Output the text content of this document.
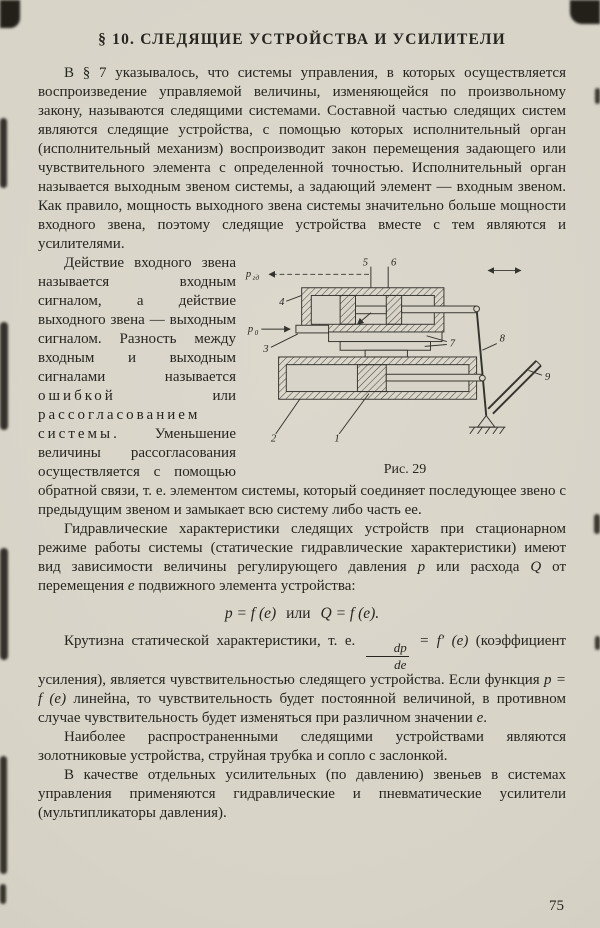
§ 10. СЛЕДЯЩИЕ УСТРОЙСТВА И УСИЛИТЕЛИ

В § 7 указывалось, что системы управления, в которых осуществляется воспроизведение управляемой величины, изменяющейся по произвольному закону, называются следящими системами. Составной частью следящих систем являются следящие устройства, с помощью которых исполнительный орган (исполнительный механизм) воспроизводит закон перемещения задающего или чувствительного элемента с определенной точностью. Исполнительный орган называется выходным звеном системы, а задающий элемент — входным звеном. Как правило, мощность выходного звена системы значительно больше мощности входного звена, поэтому следящие устройства вместе с тем являются и усилителями.

p гд
5 6
4
p 0
3
7
2	1
8
9
Рис. 29

Действие входного звена называется входным сигналом, а действие выходного звена — выходным сигналом. Разность между входным и выходным сигналами называется ошибкой или рассогласованием системы. Уменьшение величины рассогласования осуществляется с помощью обратной связи, т. е. элементом системы, который соединяет последующее звено с предыдущим звеном и замыкает всю систему либо часть ее.

Гидравлические характеристики следящих устройств при стационарном режиме работы системы (статические гидравлические характеристики) имеют вид зависимости величины регулирующего давления p или расхода Q от перемещения e подвижного элемента устройства:

p = f (e) или Q = f (e).

Крутизна статической характеристики, т. е. $\frac{dp}{de} = f'$ (e) (коэффициент усиления), является чувствительностью следящего устройства. Если функция p = f (e) линейна, то чувствительность будет постоянной величиной, в противном случае чувствительность будет изменяться при различном значении e.

Наиболее распространенными следящими устройствами являются золотниковые устройства, струйная трубка и сопло с заслонкой.

В качестве отдельных усилительных (по давлению) звеньев в системах управления применяются гидравлические и пневматические усилители (мультипликаторы давления).

75
